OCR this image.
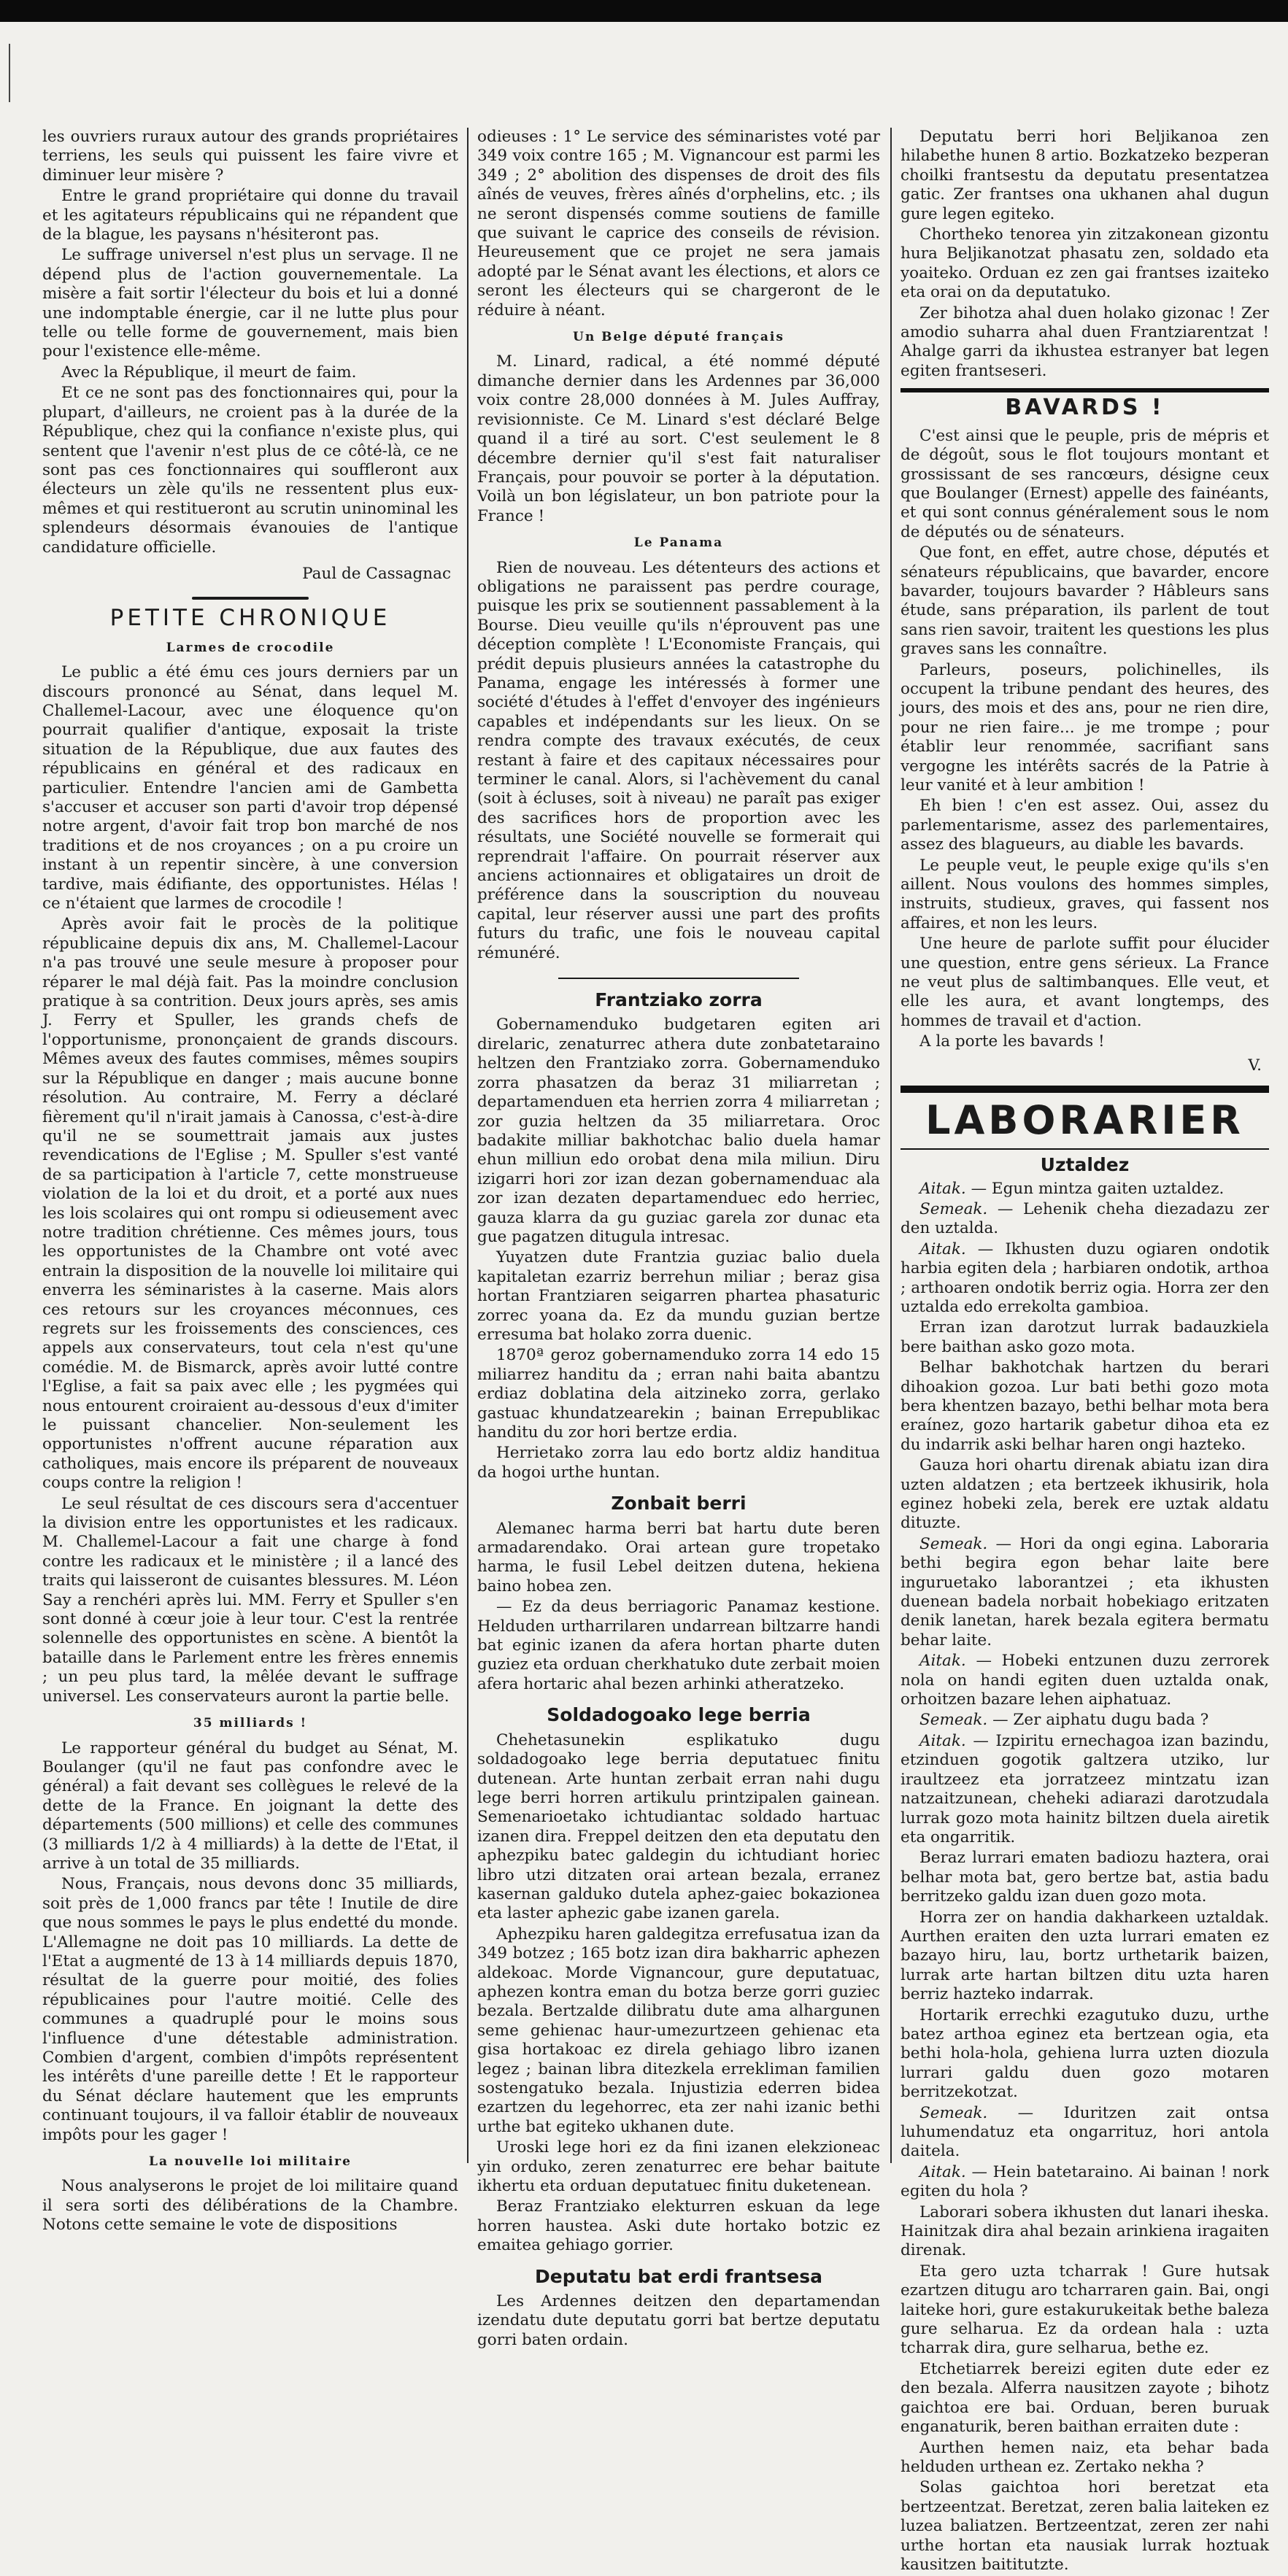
les ouvriers ruraux autour des grands propriétaires terriens, les seuls qui puissent les faire vivre et diminuer leur misère ?

Entre le grand propriétaire qui donne du travail et les agitateurs républicains qui ne répandent que de la blague, les paysans n'hésiteront pas.

Le suffrage universel n'est plus un servage. Il ne dépend plus de l'action gouvernementale. La misère a fait sortir l'électeur du bois et lui a donné une indomptable énergie, car il ne lutte plus pour telle ou telle forme de gouvernement, mais bien pour l'existence elle-même.

Avec la République, il meurt de faim.

Et ce ne sont pas des fonctionnaires qui, pour la plupart, d'ailleurs, ne croient pas à la durée de la République, chez qui la confiance n'existe plus, qui sentent que l'avenir n'est plus de ce côté-là, ce ne sont pas ces fonctionnaires qui souffleront aux électeurs un zèle qu'ils ne ressentent plus eux-mêmes et qui restitueront au scrutin uninominal les splendeurs désormais évanouies de l'antique candidature officielle.

Paul de Cassagnac

PETITE CHRONIQUE
Larmes de crocodile

Le public a été ému ces jours derniers par un discours prononcé au Sénat, dans lequel M. Challemel-Lacour, avec une éloquence qu'on pourrait qualifier d'antique, exposait la triste situation de la République, due aux fautes des républicains en général et des radicaux en particulier. Entendre l'ancien ami de Gambetta s'accuser et accuser son parti d'avoir trop dépensé notre argent, d'avoir fait trop bon marché de nos traditions et de nos croyances ; on a pu croire un instant à un repentir sincère, à une conversion tardive, mais édifiante, des opportunistes. Hélas ! ce n'étaient que larmes de crocodile !

Après avoir fait le procès de la politique républicaine depuis dix ans, M. Challemel-Lacour n'a pas trouvé une seule mesure à proposer pour réparer le mal déjà fait. Pas la moindre conclusion pratique à sa contrition. Deux jours après, ses amis J. Ferry et Spuller, les grands chefs de l'opportunisme, prononçaient de grands discours. Mêmes aveux des fautes commises, mêmes soupirs sur la République en danger ; mais aucune bonne résolution. Au contraire, M. Ferry a déclaré fièrement qu'il n'irait jamais à Canossa, c'est-à-dire qu'il ne se soumettrait jamais aux justes revendications de l'Eglise ; M. Spuller s'est vanté de sa participation à l'article 7, cette monstrueuse violation de la loi et du droit, et a porté aux nues les lois scolaires qui ont rompu si odieusement avec notre tradition chrétienne. Ces mêmes jours, tous les opportunistes de la Chambre ont voté avec entrain la disposition de la nouvelle loi militaire qui enverra les séminaristes à la caserne. Mais alors ces retours sur les croyances méconnues, ces regrets sur les froissements des consciences, ces appels aux conservateurs, tout cela n'est qu'une comédie. M. de Bismarck, après avoir lutté contre l'Eglise, a fait sa paix avec elle ; les pygmées qui nous entourent croiraient au-dessous d'eux d'imiter le puissant chancelier. Non-seulement les opportunistes n'offrent aucune réparation aux catholiques, mais encore ils préparent de nouveaux coups contre la religion !

Le seul résultat de ces discours sera d'accentuer la division entre les opportunistes et les radicaux. M. Challemel-Lacour a fait une charge à fond contre les radicaux et le ministère ; il a lancé des traits qui laisseront de cuisantes blessures. M. Léon Say a renchéri après lui. MM. Ferry et Spuller s'en sont donné à cœur joie à leur tour. C'est la rentrée solennelle des opportunistes en scène. A bientôt la bataille dans le Parlement entre les frères ennemis ; un peu plus tard, la mêlée devant le suffrage universel. Les conservateurs auront la partie belle.

35 milliards !

Le rapporteur général du budget au Sénat, M. Boulanger (qu'il ne faut pas confondre avec le général) a fait devant ses collègues le relevé de la dette de la France. En joignant la dette des départements (500 millions) et celle des communes (3 milliards 1/2 à 4 milliards) à la dette de l'Etat, il arrive à un total de 35 milliards.

Nous, Français, nous devons donc 35 milliards, soit près de 1,000 francs par tête ! Inutile de dire que nous sommes le pays le plus endetté du monde. L'Allemagne ne doit pas 10 milliards. La dette de l'Etat a augmenté de 13 à 14 milliards depuis 1870, résultat de la guerre pour moitié, des folies républicaines pour l'autre moitié. Celle des communes a quadruplé pour le moins sous l'influence d'une détestable administration. Combien d'argent, combien d'impôts représentent les intérêts d'une pareille dette ! Et le rapporteur du Sénat déclare hautement que les emprunts continuant toujours, il va falloir établir de nouveaux impôts pour les gager !

La nouvelle loi militaire

Nous analyserons le projet de loi militaire quand il sera sorti des délibérations de la Chambre. Notons cette semaine le vote de dispositions

odieuses : 1° Le service des séminaristes voté par 349 voix contre 165 ; M. Vignancour est parmi les 349 ; 2° abolition des dispenses de droit des fils aînés de veuves, frères aînés d'orphelins, etc. ; ils ne seront dispensés comme soutiens de famille que suivant le caprice des conseils de révision. Heureusement que ce projet ne sera jamais adopté par le Sénat avant les élections, et alors ce seront les électeurs qui se chargeront de le réduire à néant.

Un Belge député français

M. Linard, radical, a été nommé député dimanche dernier dans les Ardennes par 36,000 voix contre 28,000 données à M. Jules Auffray, revisionniste. Ce M. Linard s'est déclaré Belge quand il a tiré au sort. C'est seulement le 8 décembre dernier qu'il s'est fait naturaliser Français, pour pouvoir se porter à la députation. Voilà un bon législateur, un bon patriote pour la France !

Le Panama

Rien de nouveau. Les détenteurs des actions et obligations ne paraissent pas perdre courage, puisque les prix se soutiennent passablement à la Bourse. Dieu veuille qu'ils n'éprouvent pas une déception complète ! L'Economiste Français, qui prédit depuis plusieurs années la catastrophe du Panama, engage les intéressés à former une société d'études à l'effet d'envoyer des ingénieurs capables et indépendants sur les lieux. On se rendra compte des travaux exécutés, de ceux restant à faire et des capitaux nécessaires pour terminer le canal. Alors, si l'achèvement du canal (soit à écluses, soit à niveau) ne paraît pas exiger des sacrifices hors de proportion avec les résultats, une Société nouvelle se formerait qui reprendrait l'affaire. On pourrait réserver aux anciens actionnaires et obligataires un droit de préférence dans la souscription du nouveau capital, leur réserver aussi une part des profits futurs du trafic, une fois le nouveau capital rémunéré.

Frantziako zorra

Gobernamenduko budgetaren egiten ari direlaric, zenaturrec athera dute zonbatetaraino heltzen den Frantziako zorra. Gobernamenduko zorra phasatzen da beraz 31 miliarretan ; departamenduen eta herrien zorra 4 miliarretan ; zor guzia heltzen da 35 miliarretara. Oroc badakite milliar bakhotchac balio duela hamar ehun milliun edo orobat dena mila miliun. Diru izigarri hori zor izan dezan gobernamenduac ala zor izan dezaten departamenduec edo herriec, gauza klarra da gu guziac garela zor dunac eta gue pagatzen ditugula intresac.

Yuyatzen dute Frantzia guziac balio duela kapitaletan ezarriz berrehun miliar ; beraz gisa hortan Frantziaren seigarren phartea phasaturic zorrec yoana da. Ez da mundu guzian bertze erresuma bat holako zorra duenic.

1870ª geroz gobernamenduko zorra 14 edo 15 miliarrez handitu da ; erran nahi baita abantzu erdiaz doblatina dela aitzineko zorra, gerlako gastuac khundatzearekin ; bainan Errepublikac handitu du zor hori bertze erdia.

Herrietako zorra lau edo bortz aldiz handitua da hogoi urthe huntan.

Zonbait berri

Alemanec harma berri bat hartu dute beren armadarendako. Orai artean gure tropetako harma, le fusil Lebel deitzen dutena, hekiena baino hobea zen.

— Ez da deus berriagoric Panamaz kestione. Helduden urtharrilaren undarrean biltzarre handi bat eginic izanen da afera hortan pharte duten guziez eta orduan cherkhatuko dute zerbait moien afera hortaric ahal bezen arhinki atheratzeko.

Soldadogoako lege berria

Chehetasunekin esplikatuko dugu soldadogoako lege berria deputatuec finitu dutenean. Arte huntan zerbait erran nahi dugu lege berri horren artikulu printzipalen gainean. Semenarioetako ichtudiantac soldado hartuac izanen dira. Freppel deitzen den eta deputatu den aphezpiku batec galdegin du ichtudiant horiec libro utzi ditzaten orai artean bezala, erranez kasernan galduko dutela aphez-gaiec bokazionea eta laster aphezic gabe izanen garela.

Aphezpiku haren galdegitza errefusatua izan da 349 botzez ; 165 botz izan dira bakharric aphezen aldekoac. Morde Vignancour, gure deputatuac, aphezen kontra eman du botza berze gorri guziec bezala. Bertzalde dilibratu dute ama alhargunen seme gehienac haur-umezurtzeen gehienac eta gisa hortakoac ez direla gehiago libro izanen legez ; bainan libra ditezkela errekliman familien sostengatuko bezala. Injustizia ederren bidea ezartzen du legehorrec, eta zer nahi izanic bethi urthe bat egiteko ukhanen dute.

Uroski lege hori ez da fini izanen elekzioneac yin orduko, zeren zenaturrec ere behar baitute ikhertu eta orduan deputatuec finitu duketenean.

Beraz Frantziako elekturren eskuan da lege horren haustea. Aski dute hortako botzic ez emaitea gehiago gorrier.

Deputatu bat erdi frantsesa

Les Ardennes deitzen den departamendan izendatu dute deputatu gorri bat bertze deputatu gorri baten ordain.

Deputatu berri hori Beljikanoa zen hilabethe hunen 8 artio. Bozkatzeko bezperan choilki frantsestu da deputatu presentatzea gatic. Zer frantses ona ukhanen ahal dugun gure legen egiteko.

Chortheko tenorea yin zitzakonean gizontu hura Beljikanotzat phasatu zen, soldado eta yoaiteko. Orduan ez zen gai frantses izaiteko eta orai on da deputatuko.

Zer bihotza ahal duen holako gizonac ! Zer amodio suharra ahal duen Frantziarentzat ! Ahalge garri da ikhustea estranyer bat legen egiten frantseseri.

BAVARDS !

C'est ainsi que le peuple, pris de mépris et de dégoût, sous le flot toujours montant et grossissant de ses rancœurs, désigne ceux que Boulanger (Ernest) appelle des fainéants, et qui sont connus généralement sous le nom de députés ou de sénateurs.

Que font, en effet, autre chose, députés et sénateurs républicains, que bavarder, encore bavarder, toujours bavarder ? Hâbleurs sans étude, sans préparation, ils parlent de tout sans rien savoir, traitent les questions les plus graves sans les connaître.

Parleurs, poseurs, polichinelles, ils occupent la tribune pendant des heures, des jours, des mois et des ans, pour ne rien dire, pour ne rien faire... je me trompe ; pour établir leur renommée, sacrifiant sans vergogne les intérêts sacrés de la Patrie à leur vanité et à leur ambition !

Eh bien ! c'en est assez. Oui, assez du parlementarisme, assez des parlementaires, assez des blagueurs, au diable les bavards.

Le peuple veut, le peuple exige qu'ils s'en aillent. Nous voulons des hommes simples, instruits, studieux, graves, qui fassent nos affaires, et non les leurs.

Une heure de parlote suffit pour élucider une question, entre gens sérieux. La France ne veut plus de saltimbanques. Elle veut, et elle les aura, et avant longtemps, des hommes de travail et d'action.

A la porte les bavards !

V.

LABORARIER
Uztaldez

Aitak. — Egun mintza gaiten uztaldez.

Semeak. — Lehenik cheha diezadazu zer den uztalda.

Aitak. — Ikhusten duzu ogiaren ondotik harbia egiten dela ; harbiaren ondotik, arthoa ; arthoaren ondotik berriz ogia. Horra zer den uztalda edo errekolta gambioa.

Erran izan darotzut lurrak badauzkiela bere baithan asko gozo mota.

Belhar bakhotchak hartzen du berari dihoakion gozoa. Lur bati bethi gozo mota bera khentzen bazayo, bethi belhar mota bera eraínez, gozo hartarik gabetur dihoa eta ez du indarrik aski belhar haren ongi hazteko.

Gauza hori ohartu direnak abiatu izan dira uzten aldatzen ; eta bertzeek ikhusirik, hola eginez hobeki zela, berek ere uztak aldatu dituzte.

Semeak. — Hori da ongi egina. Laboraria bethi begira egon behar laite bere inguruetako laborantzei ; eta ikhusten duenean badela norbait hobekiago eritzaten denik lanetan, harek bezala egitera bermatu behar laite.

Aitak. — Hobeki entzunen duzu zerrorek nola on handi egiten duen uztalda onak, orhoitzen bazare lehen aiphatuaz.

Semeak. — Zer aiphatu dugu bada ?

Aitak. — Izpiritu ernechagoa izan bazindu, etzinduen gogotik galtzera utziko, lur iraultzeez eta jorratzeez mintzatu izan natzaitzunean, cheheki adiarazi darotzudala lurrak gozo mota hainitz biltzen duela airetik eta ongarritik.

Beraz lurrari ematen badiozu haztera, orai belhar mota bat, gero bertze bat, astia badu berritzeko galdu izan duen gozo mota.

Horra zer on handia dakharkeen uztaldak. Aurthen eraiten den uzta lurrari ematen ez bazayo hiru, lau, bortz urthetarik baizen, lurrak arte hartan biltzen ditu uzta haren berriz hazteko indarrak.

Hortarik errechki ezagutuko duzu, urthe batez arthoa eginez eta bertzean ogia, eta bethi hola-hola, gehiena lurra uzten diozula lurrari galdu duen gozo motaren berritzekotzat.

Semeak. — Iduritzen zait ontsa luhumendatuz eta ongarrituz, hori antola daitela.

Aitak. — Hein batetaraino. Ai bainan ! nork egiten du hola ?

Laborari sobera ikhusten dut lanari iheska. Hainitzak dira ahal bezain arinkiena iragaiten direnak.

Eta gero uzta tcharrak ! Gure hutsak ezartzen ditugu aro tcharraren gain. Bai, ongi laiteke hori, gure estakurukeitak bethe baleza gure selharua. Ez da ordean hala : uzta tcharrak dira, gure selharua, bethe ez.

Etchetiarrek bereizi egiten dute eder ez den bezala. Alferra nausitzen zayote ; bihotz gaichtoa ere bai. Orduan, beren buruak enganaturik, beren baithan erraiten dute :

Aurthen hemen naiz, eta behar bada helduden urthean ez. Zertako nekha ?

Solas gaichtoa hori beretzat eta bertzeentzat. Beretzat, zeren balia laiteken ez luzea baliatzen. Bertzeentzat, zeren zer nahi urthe hortan eta nausiak lurrak hoztuak kausitzen baititutzte.
